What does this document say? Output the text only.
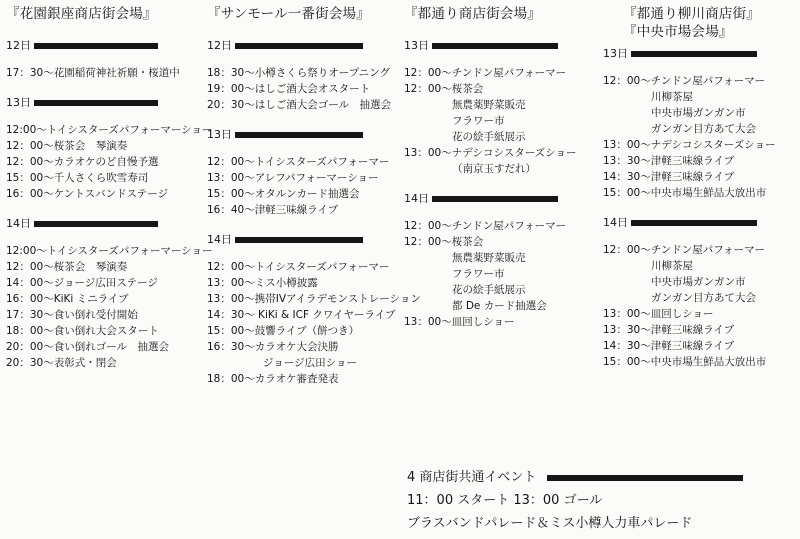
『花園銀座商店街会場』
12日
17：30～花園稲荷神社祈願・桜道中
13日
12:00～トイシスターズパフォーマーショー
12：00～桜茶会　琴演奏
12：00～カラオケのど自慢予選
15：00～千人さくら吹雪寿司
16：00～ケントスバンドステージ
14日
12:00～トイシスターズパフォーマーショー
12：00～桜茶会　琴演奏
14：00～ジョージ広田ステージ
16：00～KiKi ミニライブ
17：30～食い倒れ受付開始
18：00～食い倒れ大会スタート
20：00～食い倒れゴール　抽選会
20：30～表彰式・閉会
『サンモール一番街会場』
12日
18：30～小樽さくら祭りオープニング
19：00～はしご酒大会オスタート
20：30～はしご酒大会ゴール　抽選会
13日
12：00～トイシスターズパフォーマー
13：00～アレフパフォーマーショー
15：00～オタルンカード抽選会
16：40～津軽三味線ライブ
14日
12：00～トイシスターズパフォーマー
13：00～ミス小樽披露
13：00～携帯IVアイラデモンストレーション
14：30～ KiKi & ICF クワイヤーライブ
15：00～鼓響ライブ（餅つき）
16：30～カラオケ大会決勝
ジョージ広田ショー
18：00～カラオケ審査発表
『都通り商店街会場』
13日
12：00～チンドン屋パフォーマー
12：00～桜茶会
無農薬野菜販売
フラワー市
花の絵手紙展示
13：00～ナデシコシスターズショー
（南京玉すだれ）
14日
12：00～チンドン屋パフォーマー
12：00～桜茶会
無農薬野菜販売
フラワー市
花の絵手紙展示
都 De カード抽選会
13：00～皿回しショー
『都通り柳川商店街』
『中央市場会場』
13日
12：00～チンドン屋パフォーマー
川柳茶屋
中央市場ガンガン市
ガンガン目方あて大会
13：00～ナデシコシスターズショー
13：30～津軽三味線ライブ
14：30～津軽三味線ライブ
15：00～中央市場生鮮品大放出市
14日
12：00～チンドン屋パフォーマー
川柳茶屋
中央市場ガンガン市
ガンガン目方あて大会
13：00～皿回しショー
13：30～津軽三味線ライブ
14：30～津軽三味線ライブ
15：00～中央市場生鮮品大放出市
4 商店街共通イベント
11：00 スタート 13：00 ゴール
ブラスバンドパレード＆ミス小樽人力車パレード
